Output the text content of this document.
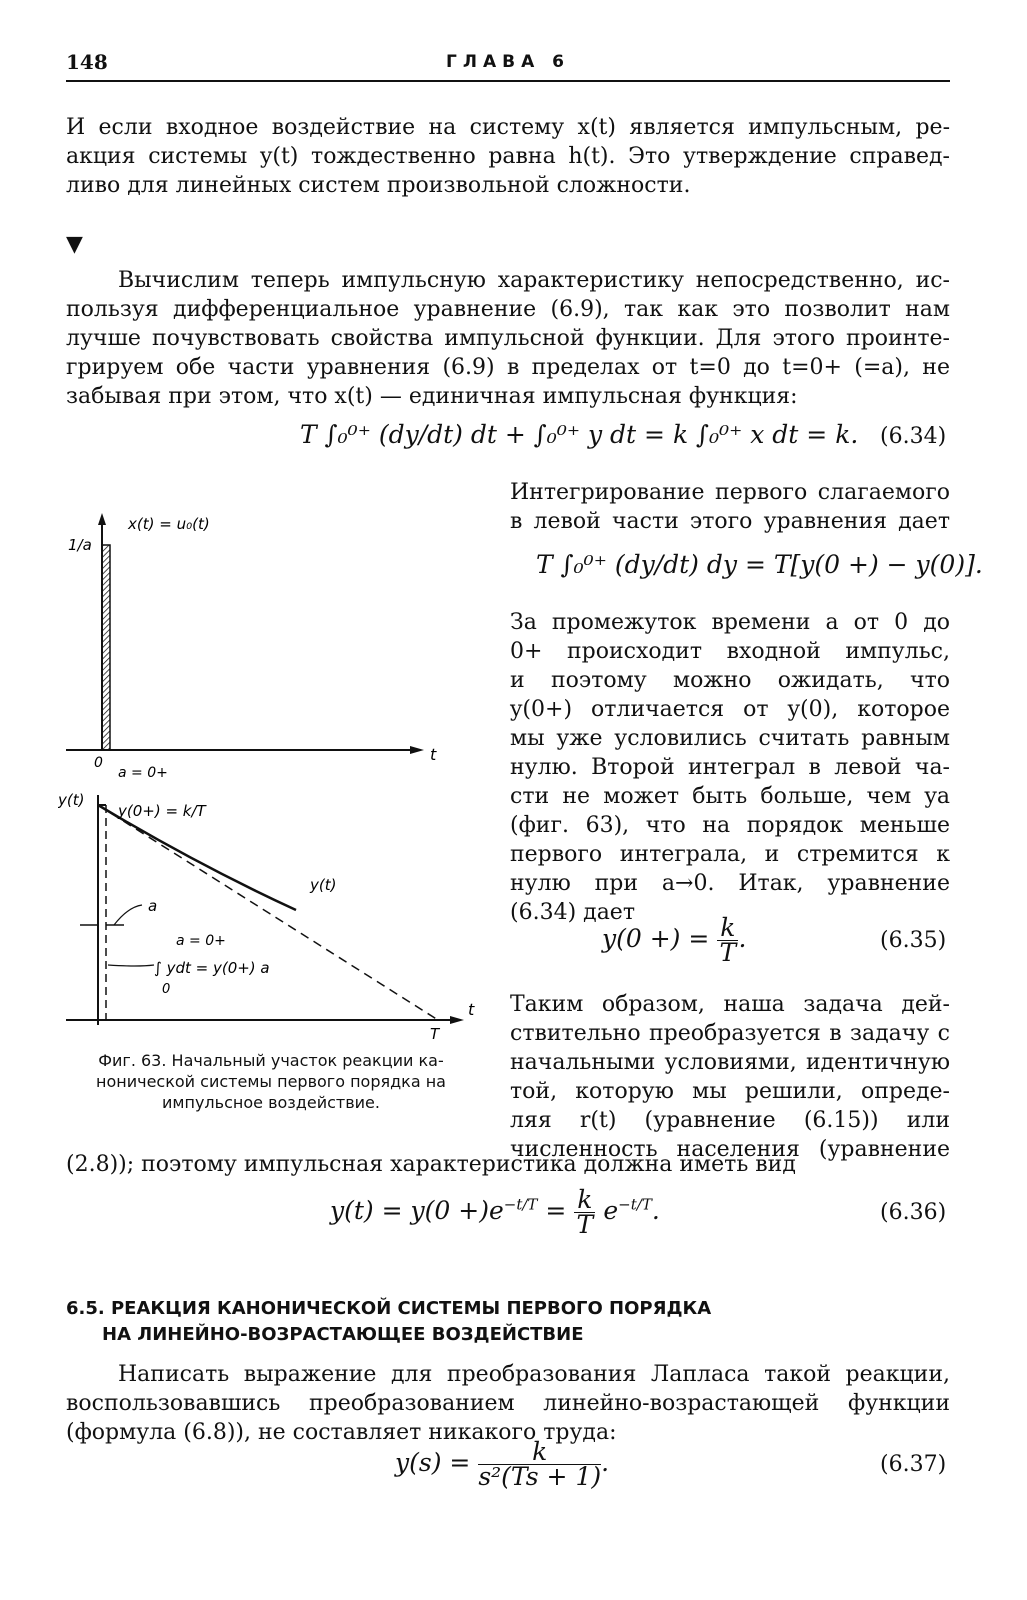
148	ГЛАВА 6
И если входное воздействие на систему x(t) является импульсным, ре-
акция системы y(t) тождественно равна h(t). Это утверждение справед-
ливо для линейных систем произвольной сложности.
▼
Вычислим теперь импульсную характеристику непосредственно, ис-
пользуя дифференциальное уравнение (6.9), так как это позволит нам
лучше почувствовать свойства импульсной функции. Для этого проинте-
грируем обе части уравнения (6.9) в пределах от t=0 до t=0+ (=a), не
забывая при этом, что x(t) — единичная импульсная функция:
T ∫₀⁰⁺ (dy/dt) dt + ∫₀⁰⁺ y dt = k ∫₀⁰⁺ x dt = k. (6.34)
Интегрирование первого слагаемого
в левой части этого уравнения дает
T ∫₀⁰⁺ (dy/dt) dy = T[y(0 +) − y(0)].
За промежуток времени a от 0 до
0+ происходит входной импульс,
и поэтому можно ожидать, что
y(0+) отличается от y(0), которое
мы уже условились считать равным
нулю. Второй интеграл в левой ча-
сти не может быть больше, чем ya
(фиг. 63), что на порядок меньше
первого интеграла, и стремится к
нулю при a→0. Итак, уравнение
(6.34) дает
y(0 +) = $\frac{k}{T}$ .	(6.35)
Таким образом, наша задача дей-
ствительно преобразуется в задачу с
начальными условиями, идентичную
той, которую мы решили, опреде-
ляя r(t) (уравнение (6.15)) или
численность населения (уравнение
(2.8)); поэтому импульсная характеристика должна иметь вид
$y(t) = y(0 +)e^{-t/T} = \frac{k}{T} e^{-t/T}$.	(6.36)
6.5. РЕАКЦИЯ КАНОНИЧЕСКОЙ СИСТЕМЫ ПЕРВОГО ПОРЯДКА
НА ЛИНЕЙНО-ВОЗРАСТАЮЩЕЕ ВОЗДЕЙСТВИЕ
Написать выражение для преобразования Лапласа такой реакции,
воспользовавшись преобразованием линейно-возрастающей функции
(формула (6.8)), не составляет никакого труда:
$y(s) = \frac{k}{\text{s²(Ts + 1)}}$ .	(6.37)
x(t) = u₀(t)
1/a
0
a = 0+
t
y(t)
y(0+) = k/T
y(t)
a
a = 0+
∫ ydt = y(0+) a
0
t
T
Фиг. 63. Начальный участок реакции ка-
нонической системы первого порядка на
импульсное воздействие.
